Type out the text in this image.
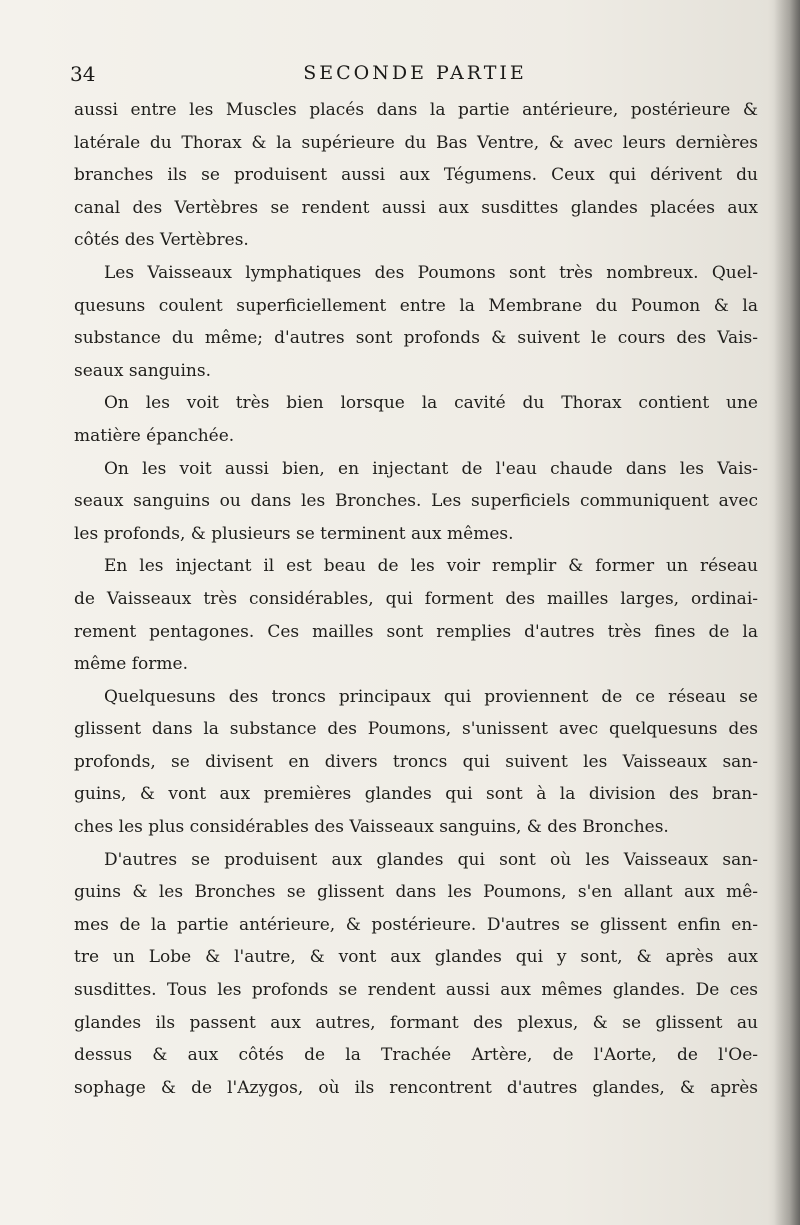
34	SECONDE PARTIE
aussi entre les Muscles placés dans la partie antérieure, postérieure &
latérale du Thorax & la supérieure du Bas Ventre, & avec leurs dernières
branches ils se produisent aussi aux Tégumens. Ceux qui dérivent du
canal des Vertèbres se rendent aussi aux susdittes glandes placées aux
côtés des Vertèbres.
Les Vaisseaux lymphatiques des Poumons sont très nombreux. Quel-
quesuns coulent superficiellement entre la Membrane du Poumon & la
substance du même; d'autres sont profonds & suivent le cours des Vais-
seaux sanguins.
On les voit très bien lorsque la cavité du Thorax contient une
matière épanchée.
On les voit aussi bien, en injectant de l'eau chaude dans les Vais-
seaux sanguins ou dans les Bronches. Les superficiels communiquent avec
les profonds, & plusieurs se terminent aux mêmes.
En les injectant il est beau de les voir remplir & former un réseau
de Vaisseaux très considérables, qui forment des mailles larges, ordinai-
rement pentagones. Ces mailles sont remplies d'autres très fines de la
même forme.
Quelquesuns des troncs principaux qui proviennent de ce réseau se
glissent dans la substance des Poumons, s'unissent avec quelquesuns des
profonds, se divisent en divers troncs qui suivent les Vaisseaux san-
guins, & vont aux premières glandes qui sont à la division des bran-
ches les plus considérables des Vaisseaux sanguins, & des Bronches.
D'autres se produisent aux glandes qui sont où les Vaisseaux san-
guins & les Bronches se glissent dans les Poumons, s'en allant aux mê-
mes de la partie antérieure, & postérieure. D'autres se glissent enfin en-
tre un Lobe & l'autre, & vont aux glandes qui y sont, & après aux
susdittes. Tous les profonds se rendent aussi aux mêmes glandes. De ces
glandes ils passent aux autres, formant des plexus, & se glissent au
dessus & aux côtés de la Trachée Artère, de l'Aorte, de l'Oe-
sophage & de l'Azygos, où ils rencontrent d'autres glandes, & après
